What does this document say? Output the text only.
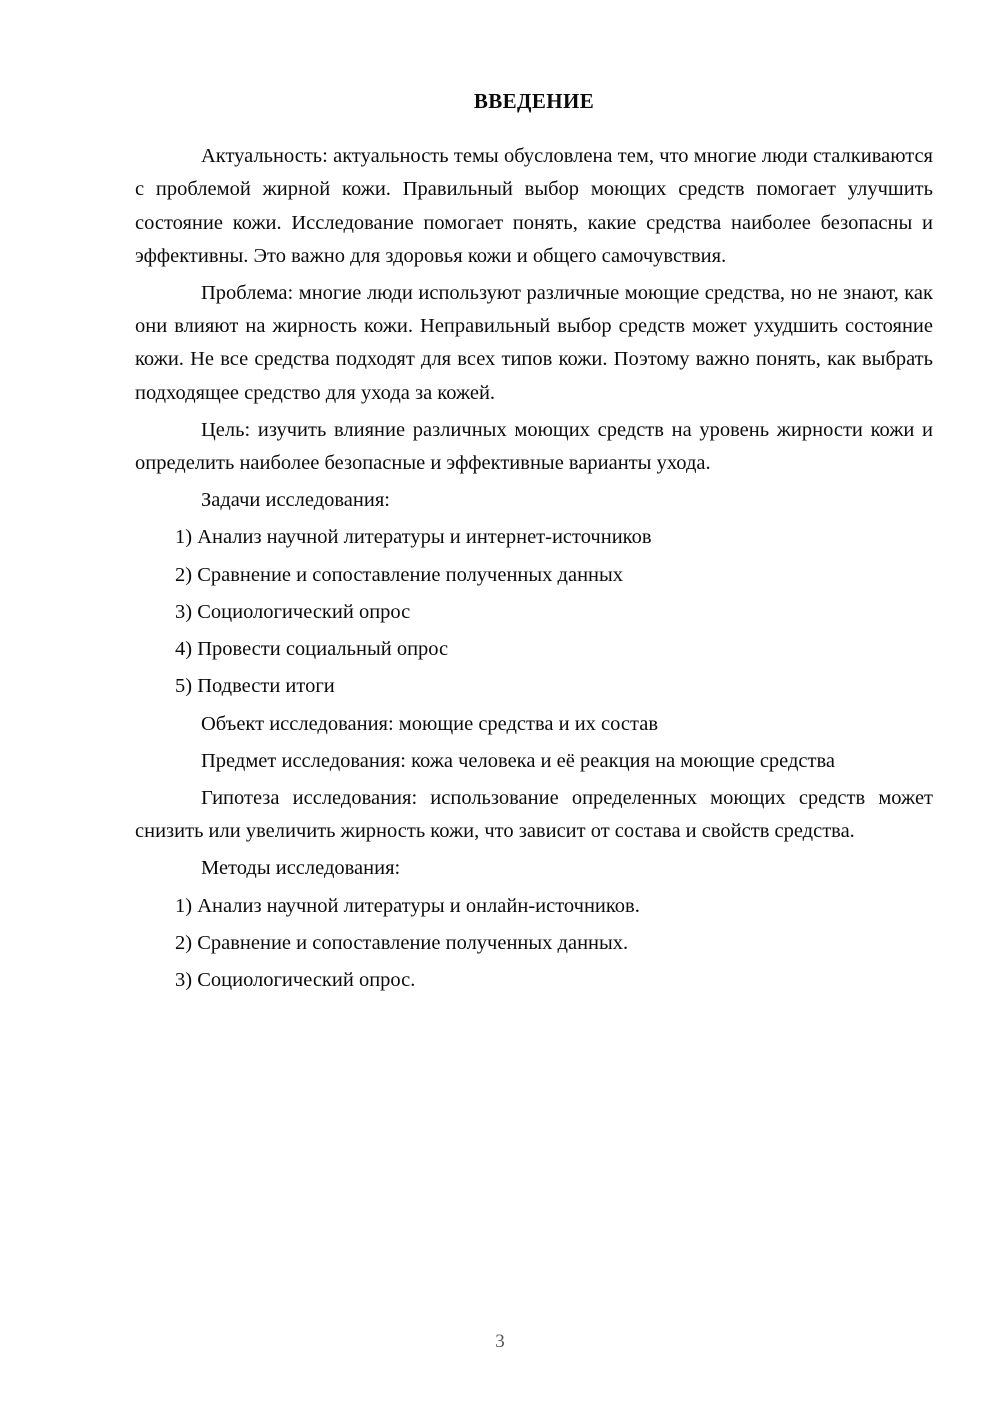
ВВЕДЕНИЕ

Актуальность: актуальность темы обусловлена тем, что многие люди сталкиваются с проблемой жирной кожи. Правильный выбор моющих средств помогает улучшить состояние кожи. Исследование помогает понять, какие средства наиболее безопасны и эффективны. Это важно для здоровья кожи и общего самочувствия.

Проблема: многие люди используют различные моющие средства, но не знают, как они влияют на жирность кожи. Неправильный выбор средств может ухудшить состояние кожи. Не все средства подходят для всех типов кожи. Поэтому важно понять, как выбрать подходящее средство для ухода за кожей.

Цель: изучить влияние различных моющих средств на уровень жирности кожи и определить наиболее безопасные и эффективные варианты ухода.

Задачи исследования:

1) Анализ научной литературы и интернет-источников
2) Сравнение и сопоставление полученных данных
3) Социологический опрос
4) Провести социальный опрос
5) Подвести итоги

Объект исследования: моющие средства и их состав

Предмет исследования: кожа человека и её реакция на моющие средства

Гипотеза исследования: использование определенных моющих средств может снизить или увеличить жирность кожи, что зависит от состава и свойств средства.

Методы исследования:

1) Анализ научной литературы и онлайн-источников.
2) Сравнение и сопоставление полученных данных.
3) Социологический опрос.
3
